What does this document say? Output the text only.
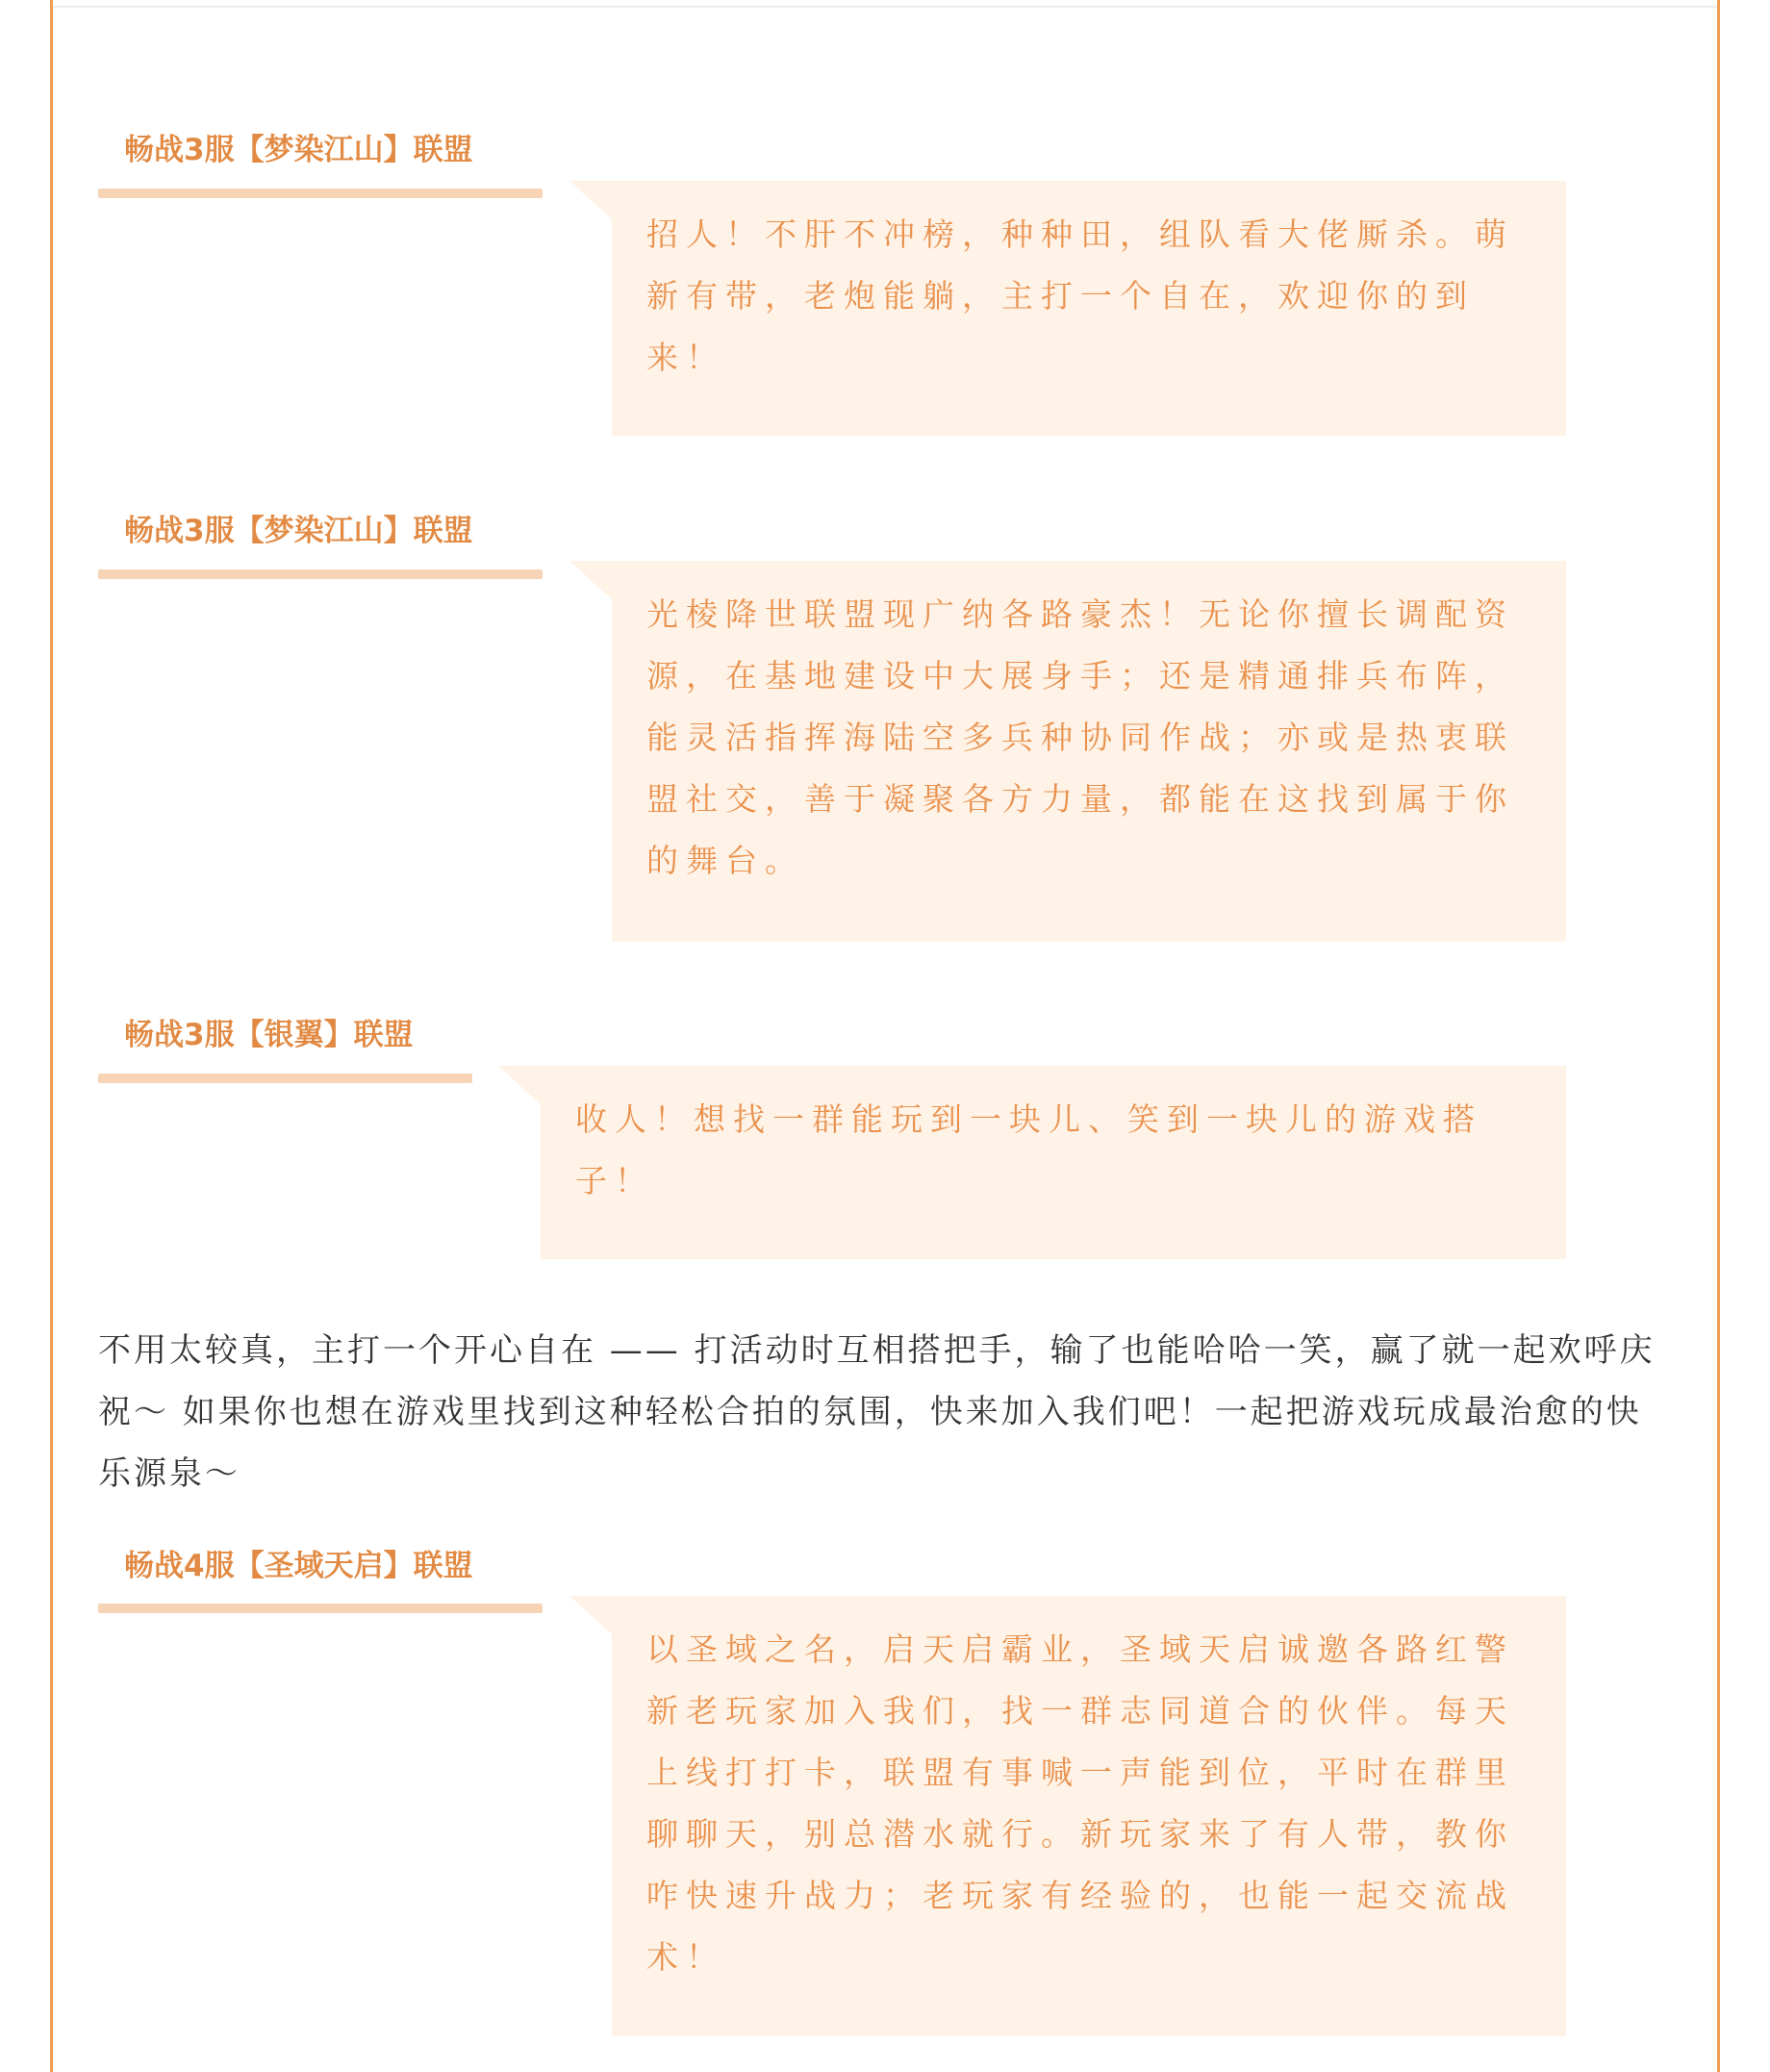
畅战3服【梦染江山】联盟
招人！不肝不冲榜，种种田，组队看大佬厮杀。萌新有带，老炮能躺，主打一个自在，欢迎你的到来！
畅战3服【梦染江山】联盟
光棱降世联盟现广纳各路豪杰！无论你擅长调配资源，在基地建设中大展身手；还是精通排兵布阵，能灵活指挥海陆空多兵种协同作战；亦或是热衷联盟社交，善于凝聚各方力量，都能在这找到属于你的舞台。
畅战3服【银翼】联盟
收人！想找一群能玩到一块儿、笑到一块儿的游戏搭子！
不用太较真，主打一个开心自在 —— 打活动时互相搭把手，输了也能哈哈一笑，赢了就一起欢呼庆祝～ 如果你也想在游戏里找到这种轻松合拍的氛围，快来加入我们吧！一起把游戏玩成最治愈的快乐源泉～
畅战4服【圣域天启】联盟
以圣域之名，启天启霸业，圣域天启诚邀各路红警新老玩家加入我们，找一群志同道合的伙伴。每天上线打打卡，联盟有事喊一声能到位，平时在群里聊聊天，别总潜水就行。新玩家来了有人带，教你咋快速升战力；老玩家有经验的，也能一起交流战术！
